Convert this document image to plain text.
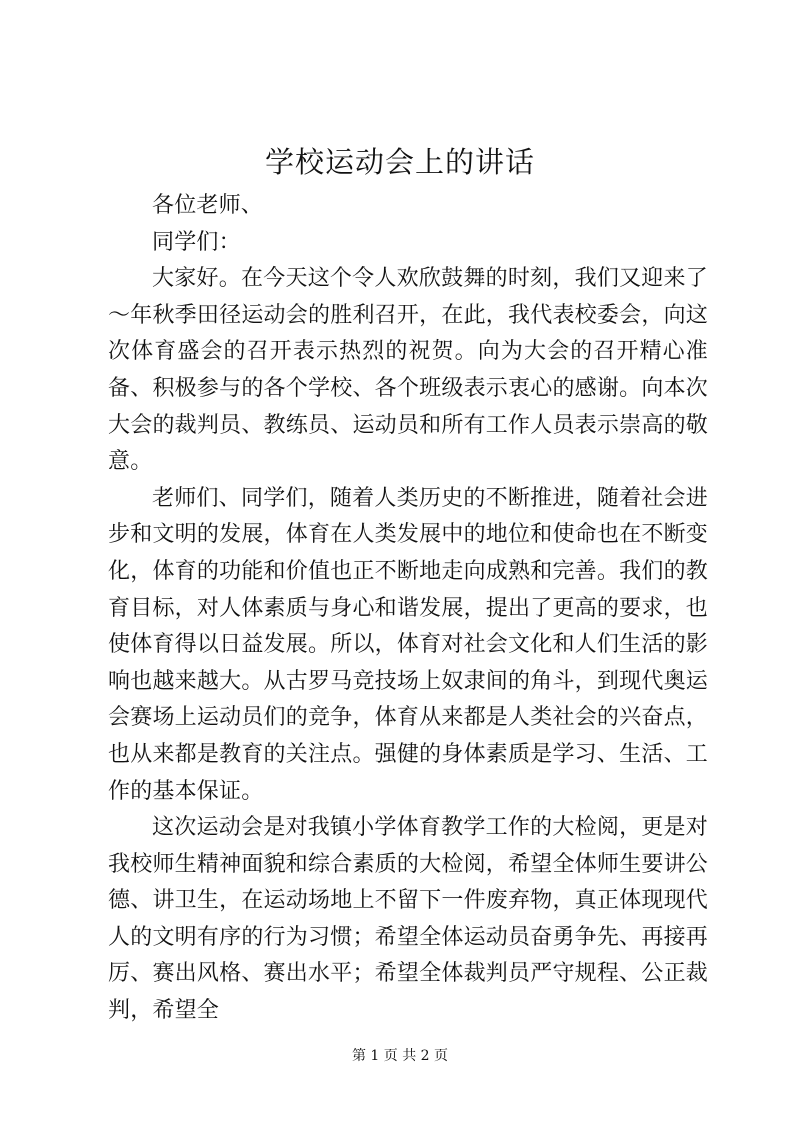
学校运动会上的讲话

各位老师、

同学们：

大家好。在今天这个令人欢欣鼓舞的时刻，我们又迎来了～年秋季田径运动会的胜利召开，在此，我代表校委会，向这次体育盛会的召开表示热烈的祝贺。向为大会的召开精心准备、积极参与的各个学校、各个班级表示衷心的感谢。向本次大会的裁判员、教练员、运动员和所有工作人员表示崇高的敬意。

老师们、同学们，随着人类历史的不断推进，随着社会进步和文明的发展，体育在人类发展中的地位和使命也在不断变化，体育的功能和价值也正不断地走向成熟和完善。我们的教育目标，对人体素质与身心和谐发展，提出了更高的要求，也使体育得以日益发展。所以，体育对社会文化和人们生活的影响也越来越大。从古罗马竞技场上奴隶间的角斗，到现代奥运会赛场上运动员们的竞争，体育从来都是人类社会的兴奋点，也从来都是教育的关注点。强健的身体素质是学习、生活、工作的基本保证。

这次运动会是对我镇小学体育教学工作的大检阅，更是对我校师生精神面貌和综合素质的大检阅，希望全体师生要讲公德、讲卫生，在运动场地上不留下一件废弃物，真正体现现代人的文明有序的行为习惯；希望全体运动员奋勇争先、再接再厉、赛出风格、赛出水平；希望全体裁判员严守规程、公正裁判，希望全

第 1 页 共 2 页
